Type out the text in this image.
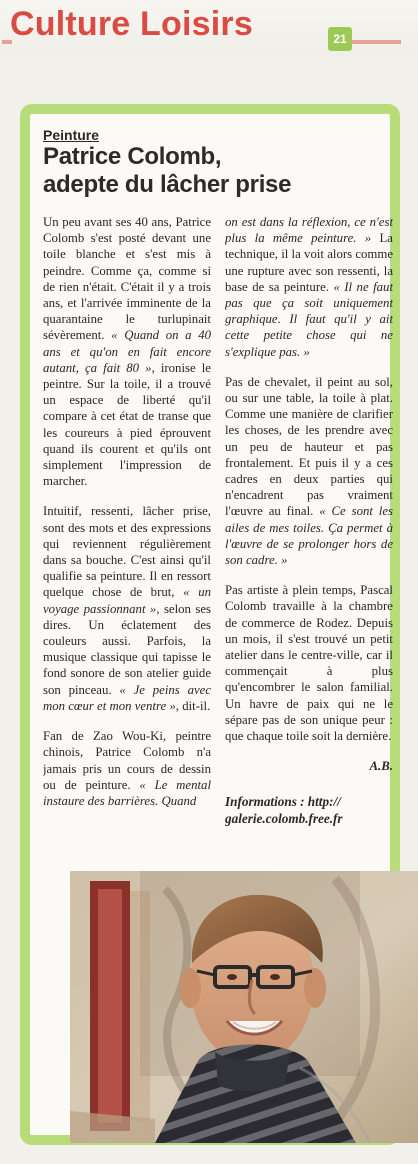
Culture Loisirs	21
Peinture
Patrice Colomb,
adepte du lâcher prise

Un peu avant ses 40 ans, Patrice Colomb s'est posté devant une toile blanche et s'est mis à peindre. Comme ça, comme si de rien n'était. C'était il y a trois ans, et l'arrivée imminente de la quarantaine le turlupinait sévèrement. « Quand on a 40 ans et qu'on en fait encore autant, ça fait 80 », ironise le peintre. Sur la toile, il a trouvé un espace de liberté qu'il compare à cet état de transe que les coureurs à pied éprouvent quand ils courent et qu'ils ont simplement l'impression de marcher.

Intuitif, ressenti, lâcher prise, sont des mots et des expressions qui reviennent régulièrement dans sa bouche. C'est ainsi qu'il qualifie sa peinture. Il en ressort quelque chose de brut, « un voyage passionnant », selon ses dires. Un éclatement des couleurs aussi. Parfois, la musique classique qui tapisse le fond sonore de son atelier guide son pinceau. « Je peins avec mon cœur et mon ventre », dit-il.

Fan de Zao Wou-Ki, peintre chinois, Patrice Colomb n'a jamais pris un cours de dessin ou de peinture. « Le mental instaure des barrières. Quand

on est dans la réflexion, ce n'est plus la même peinture. » La technique, il la voit alors comme une rupture avec son ressenti, la base de sa peinture. « Il ne faut pas que ça soit uniquement graphique. Il faut qu'il y ait cette petite chose qui ne s'explique pas. »

Pas de chevalet, il peint au sol, ou sur une table, la toile à plat. Comme une manière de clarifier les choses, de les prendre avec un peu de hauteur et pas frontalement. Et puis il y a ces cadres en deux parties qui n'encadrent pas vraiment l'œuvre au final. « Ce sont les ailes de mes toiles. Ça permet à l'œuvre de se prolonger hors de son cadre. »

Pas artiste à plein temps, Pascal Colomb travaille à la chambre de commerce de Rodez. Depuis un mois, il s'est trouvé un petit atelier dans le centre-ville, car il commençait à plus qu'encombrer le salon familial. Un havre de paix qui ne le sépare pas de son unique peur : que chaque toile soit la dernière.

A.B.
Informations : http://
galerie.colomb.free.fr
